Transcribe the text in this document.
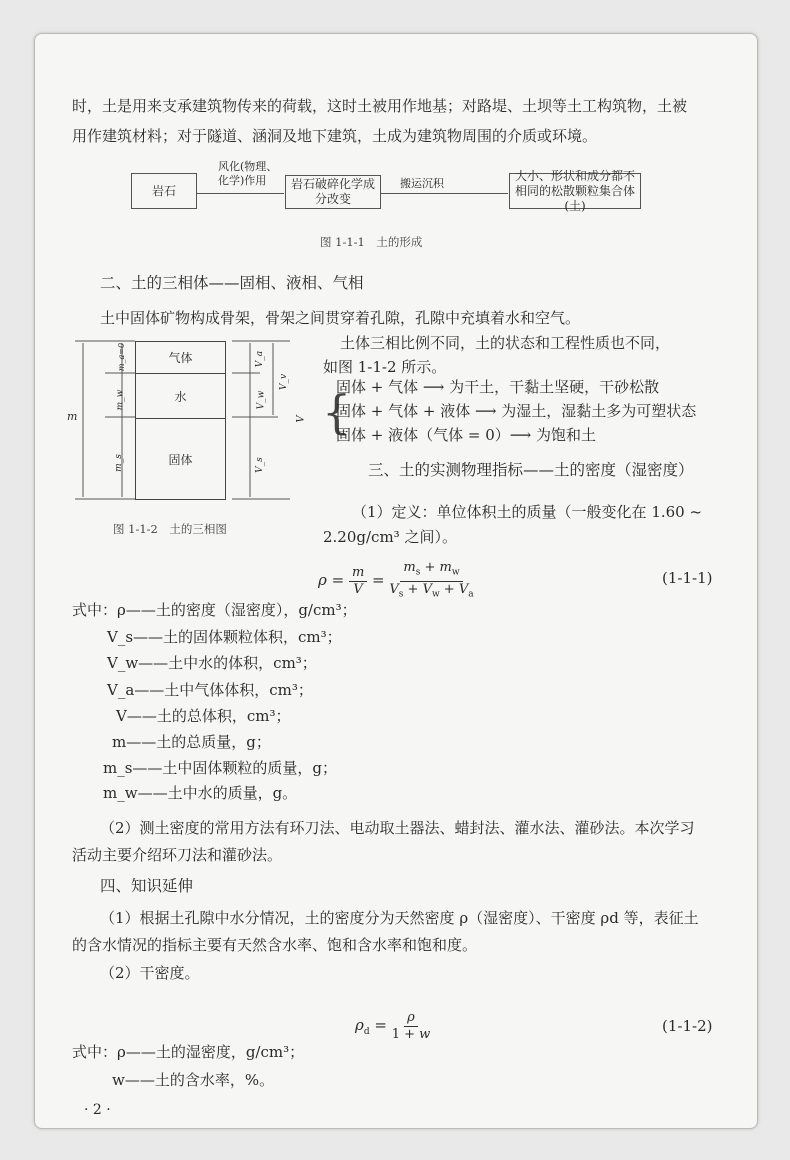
时，土是用来支承建筑物传来的荷载，这时土被用作地基；对路堤、土坝等土工构筑物，土被
用作建筑材料；对于隧道、涵洞及地下建筑，土成为建筑物周围的介质或环境。
岩石
风化(物理、化学)作用	岩石破碎化学成分改变
搬运沉积
大小、形状和成分都不相同的松散颗粒集合体(土)
图 1-1-1　土的形成
二、土的三相体——固相、液相、气相
土中固体矿物构成骨架，骨架之间贯穿着孔隙，孔隙中充填着水和空气。
气体
水
固体
m
m_a=0
m_w
m_s
V_a
V_w
V_v
V_s
V
图 1-1-2　土的三相图
土体三相比例不同，土的状态和工程性质也不同，
如图 1-1-2 所示。
{
固体 + 气体 ⟶ 为干土，干黏土坚硬，干砂松散
固体 + 气体 + 液体 ⟶ 为湿土，湿黏土多为可塑状态
固体 + 液体（气体 = 0）⟶ 为饱和土
三、土的实测物理指标——土的密度（湿密度）
（1）定义：单位体积土的质量（一般变化在 1.60 ~
2.20g/cm³ 之间）。
$\rho = \frac{m}{V} = \frac{m_s + m_w}{V_s + V_w + V_a}$	(1-1-1)
式中：ρ——土的密度（湿密度），g/cm³；
V_s——土的固体颗粒体积，cm³；
V_w——土中水的体积，cm³；
V_a——土中气体体积，cm³；
V——土的总体积，cm³；
m——土的总质量，g；
m_s——土中固体颗粒的质量，g；
m_w——土中水的质量，g。
（2）测土密度的常用方法有环刀法、电动取土器法、蜡封法、灌水法、灌砂法。本次学习
活动主要介绍环刀法和灌砂法。
四、知识延伸
（1）根据土孔隙中水分情况，土的密度分为天然密度 ρ（湿密度）、干密度 ρd 等，表征土
的含水情况的指标主要有天然含水率、饱和含水率和饱和度。
（2）干密度。
$\rho_d = \frac{\rho}{1 + w}$	(1-1-2)
式中：ρ——土的湿密度，g/cm³；
w——土的含水率，%。
· 2 ·
